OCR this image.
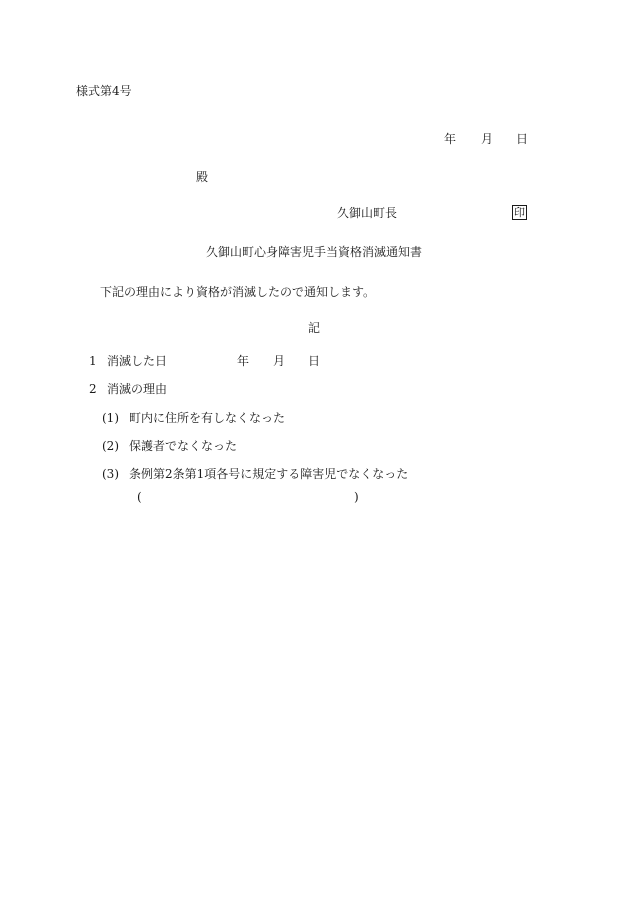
様式第4号
年 月 日
殿
久御山町長	印
久御山町心身障害児手当資格消滅通知書
下記の理由により資格が消滅したので通知します。
記
1 消滅した日	年 月 日
2 消滅の理由
(1) 町内に住所を有しなくなった
(2) 保護者でなくなった
(3) 条例第2条第1項各号に規定する障害児でなくなった
(	)
